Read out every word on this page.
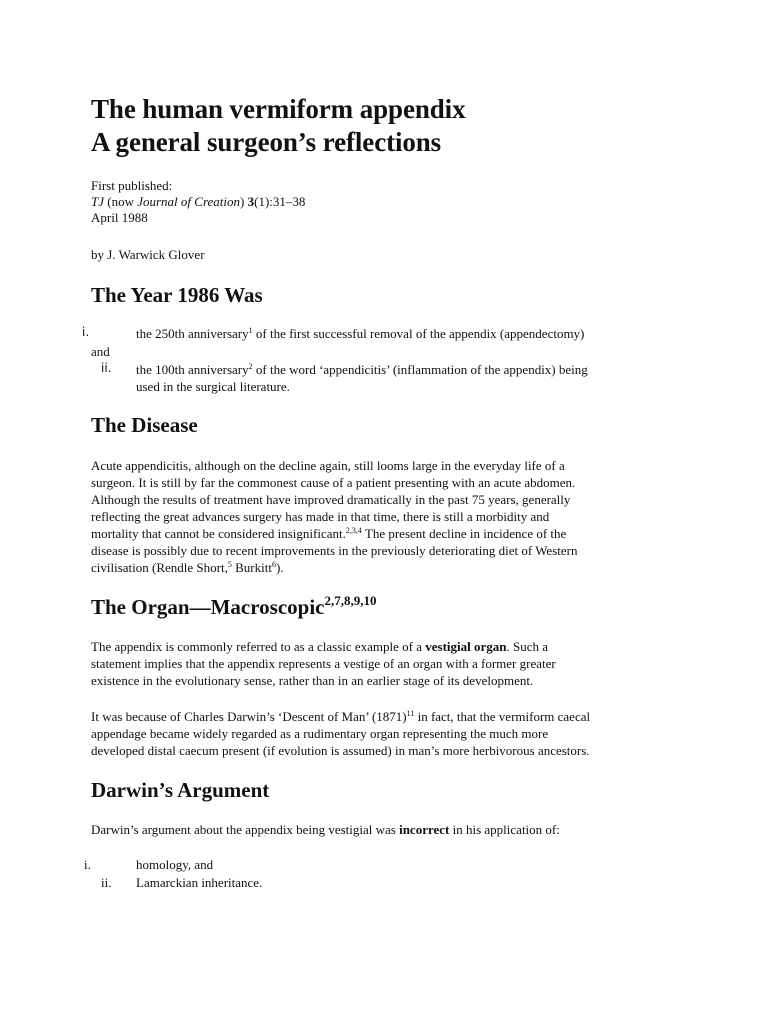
The human vermiform appendix
A general surgeon’s reflections
First published:
TJ (now Journal of Creation) 3(1):31–38
April 1988
by J. Warwick Glover
The Year 1986 Was
i.	the 250th anniversary$^1$ of the first successful removal of the appendix (appendectomy)
and
ii. the 100th anniversary$^2$ of the word ‘appendicitis’ (inflammation of the appendix) being
used in the surgical literature.
The Disease
Acute appendicitis, although on the decline again, still looms large in the everyday life of a
surgeon. It is still by far the commonest cause of a patient presenting with an acute abdomen.
Although the results of treatment have improved dramatically in the past 75 years, generally
reflecting the great advances surgery has made in that time, there is still a morbidity and
mortality that cannot be considered insignificant.$^{2,3,4}$ The present decline in incidence of the
disease is possibly due to recent improvements in the previously deteriorating diet of Western
civilisation (Rendle Short,$^5$ Burkitt$^6$).
The Organ—Macroscopic$^{2,7,8,9,10}$
The appendix is commonly referred to as a classic example of a vestigial organ. Such a
statement implies that the appendix represents a vestige of an organ with a former greater
existence in the evolutionary sense, rather than in an earlier stage of its development.
It was because of Charles Darwin’s ‘Descent of Man’ $(1871)^{11}$ in fact, that the vermiform caecal
appendage became widely regarded as a rudimentary organ representing the much more
developed distal caecum present (if evolution is assumed) in man’s more herbivorous ancestors.
Darwin’s Argument
Darwin’s argument about the appendix being vestigial was incorrect in his application of:
i.	homology, and
ii. Lamarckian inheritance.
